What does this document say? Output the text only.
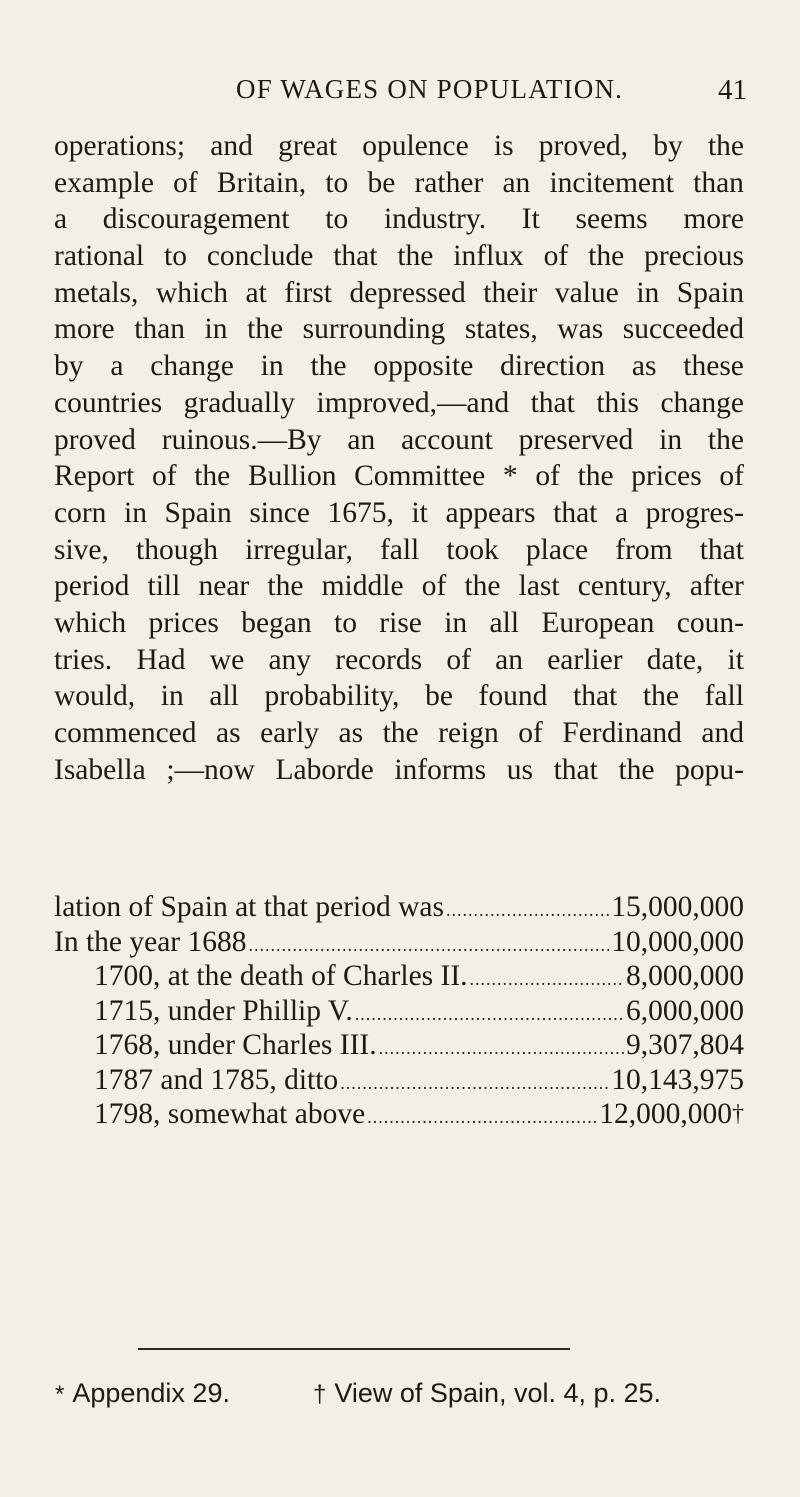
OF WAGES ON POPULATION.	41
operations; and great opulence is proved, by the
example of Britain, to be rather an incitement than
a discouragement to industry. It seems more
rational to conclude that the influx of the precious
metals, which at first depressed their value in Spain
more than in the surrounding states, was succeeded
by a change in the opposite direction as these
countries gradually improved,—and that this change
proved ruinous.—By an account preserved in the
Report of the Bullion Committee * of the prices of
corn in Spain since 1675, it appears that a progres-
sive, though irregular, fall took place from that
period till near the middle of the last century, after
which prices began to rise in all European coun-
tries. Had we any records of an earlier date, it
would, in all probability, be found that the fall
commenced as early as the reign of Ferdinand and
Isabella ;—now Laborde informs us that the popu-
lation of Spain at that period was .....	15,000,000
In the year 1688 .....	10,000,000
1700, at the death of Charles II. .....	8,000,000
1715, under Phillip V. .....	6,000,000
1768, under Charles III. .....	9,307,804
1787 and 1785, ditto .....	10,143,975
1798, somewhat above .....	12,000,000†
* Appendix 29.	† View of Spain, vol. 4, p. 25.
